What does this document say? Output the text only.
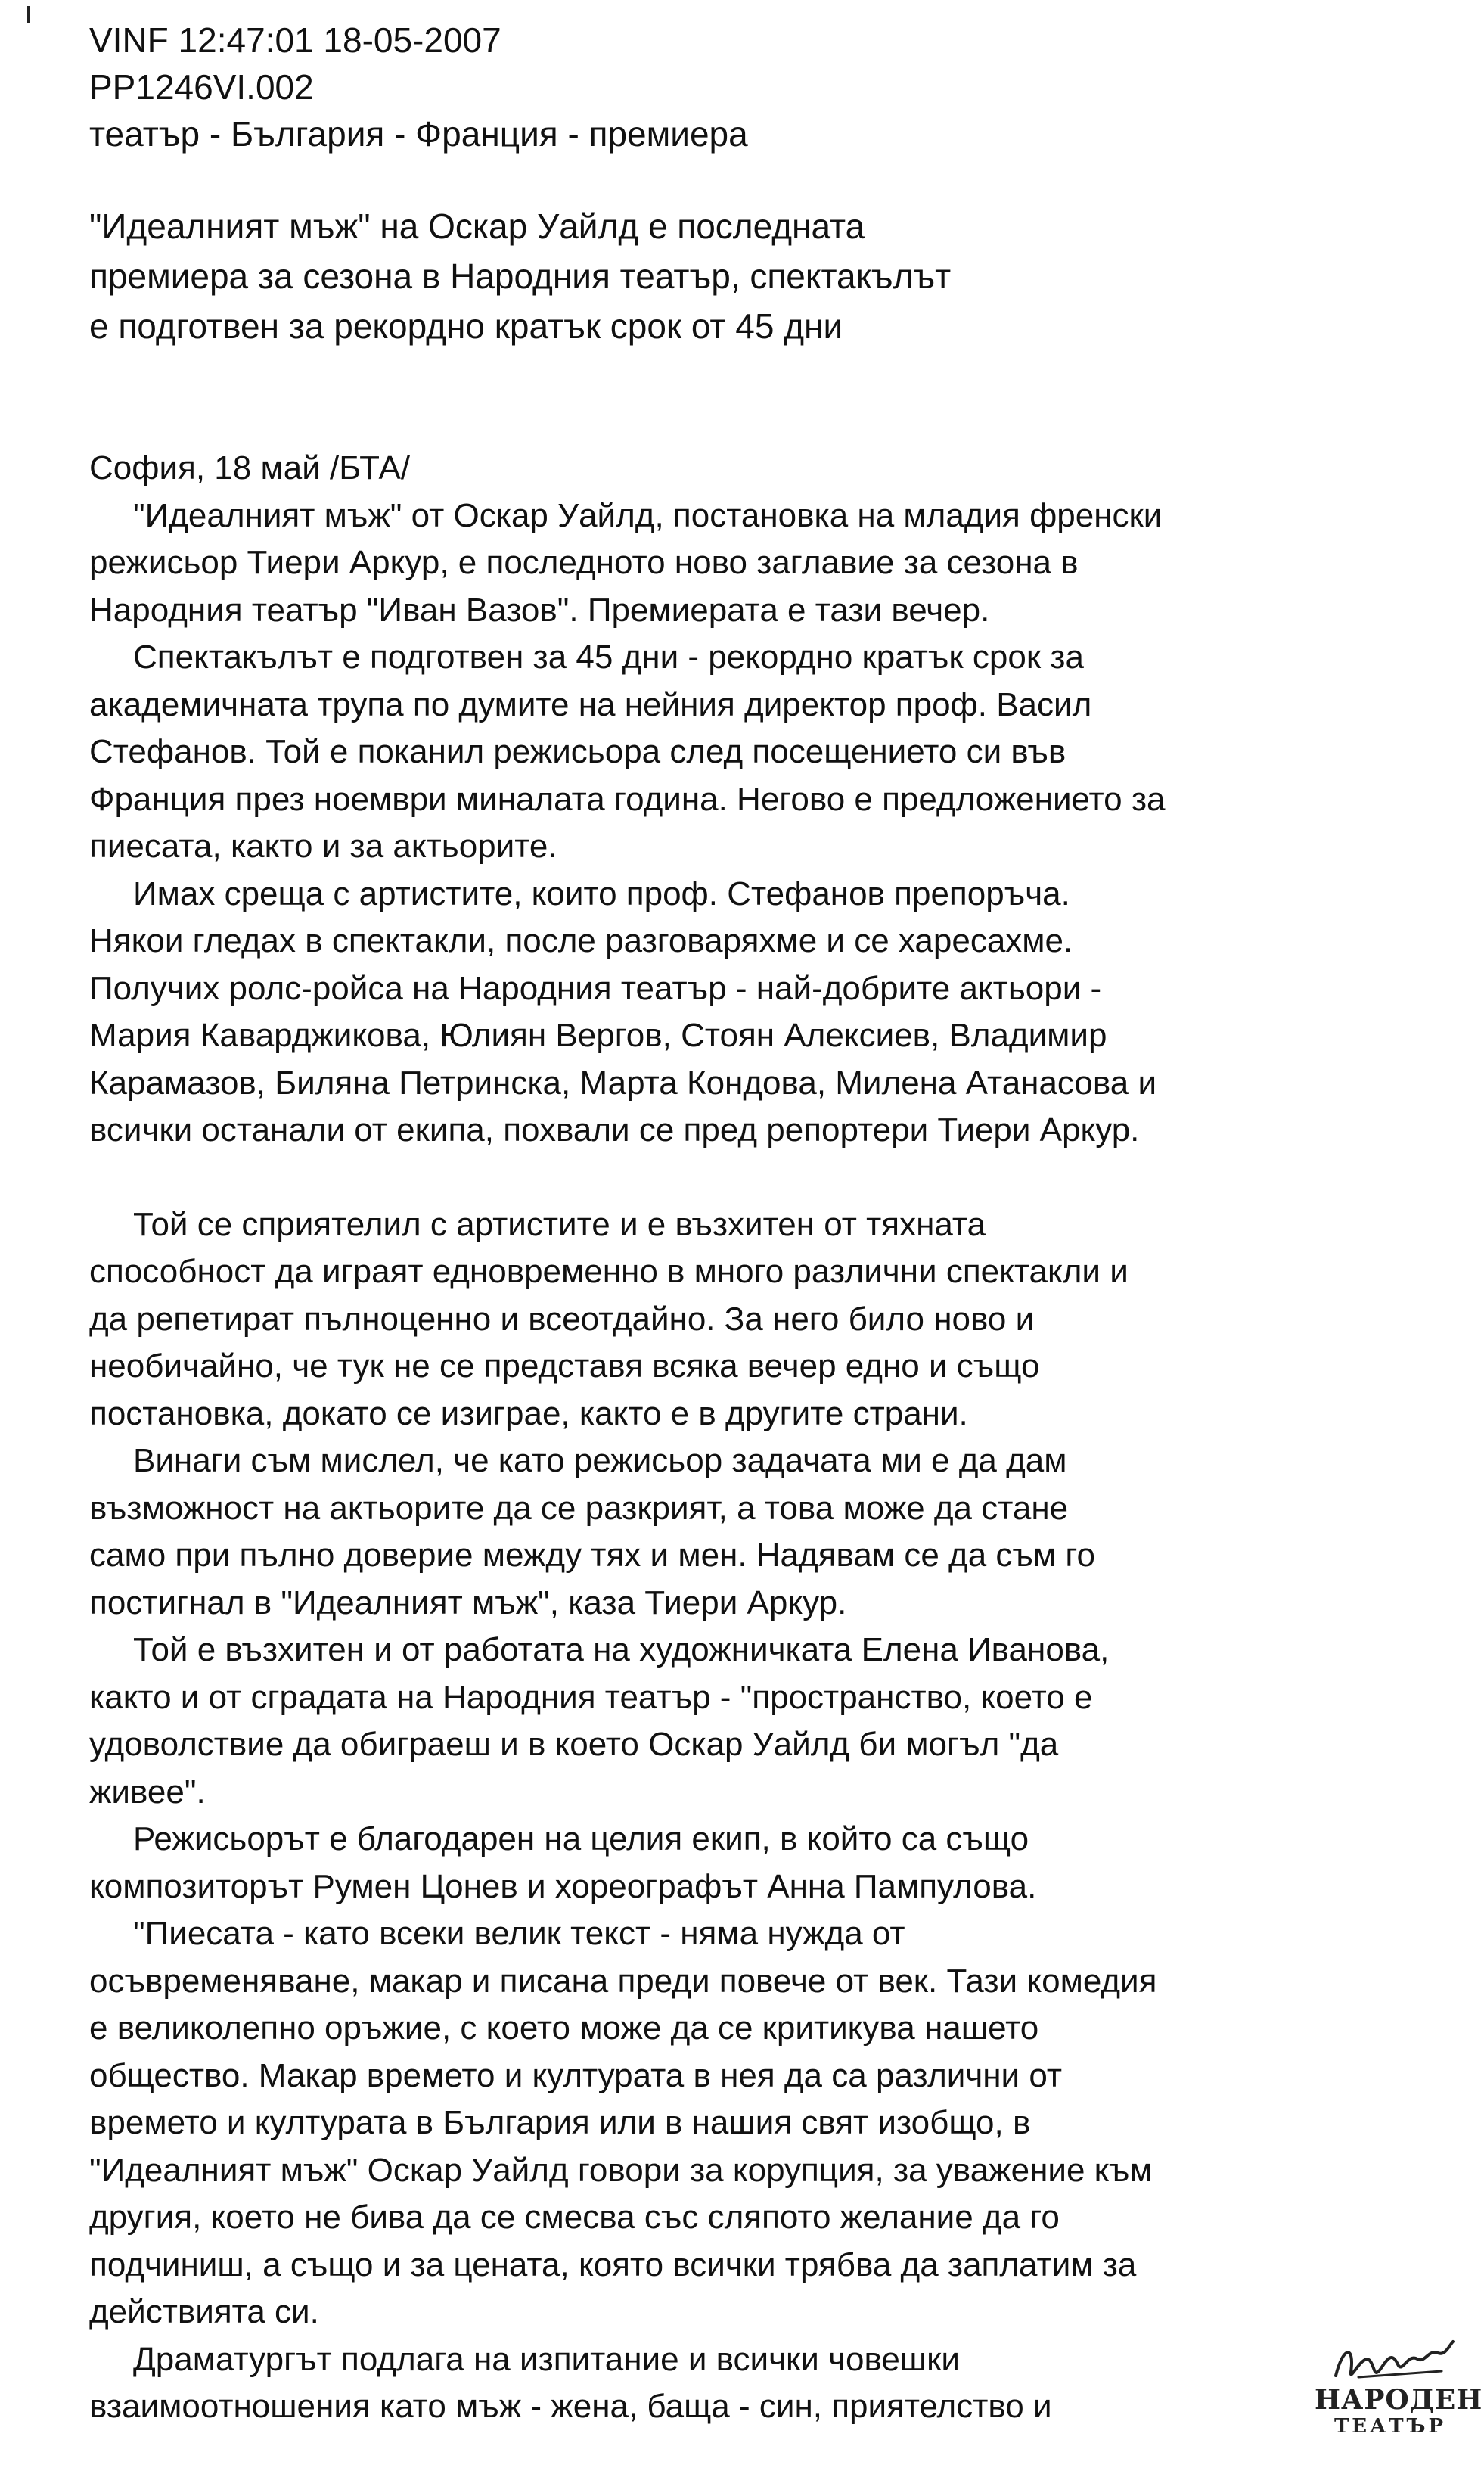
VINF 12:47:01 18-05-2007
PP1246VI.002
театър - България - Франция - премиера
"Идеалният мъж" на Оскар Уайлд е последната
премиера за сезона в Народния театър, спектакълът
е подготвен за рекордно кратък срок от 45 дни

София, 18 май /БТА/

"Идеалният мъж" от Оскар Уайлд, постановка на младия френски

режисьор Тиери Аркур, е последното ново заглавие за сезона в

Народния театър "Иван Вазов". Премиерата е тази вечер.

Спектакълът е подготвен за 45 дни - рекордно кратък срок за

академичната трупа по думите на нейния директор проф. Васил

Стефанов. Той е поканил режисьора след посещението си във

Франция през ноември миналата година. Негово е предложението за

пиесата, както и за актьорите.

Имах среща с артистите, които проф. Стефанов препоръча.

Някои гледах в спектакли, после разговаряхме и се харесахме.

Получих ролс-ройса на Народния театър - най-добрите актьори -

Мария Каварджикова, Юлиян Вергов, Стоян Алексиев, Владимир

Карамазов, Биляна Петринска, Марта Кондова, Милена Атанасова и

всички останали от екипа, похвали се пред репортери Тиери Аркур.

Той се сприятелил с артистите и е възхитен от тяхната

способност да играят едновременно в много различни спектакли и

да репетират пълноценно и всеотдайно. За него било ново и

необичайно, че тук не се представя всяка вечер едно и също

постановка, докато се изиграе, както е в другите страни.

Винаги съм мислел, че като режисьор задачата ми е да дам

възможност на актьорите да се разкрият, а това може да стане

само при пълно доверие между тях и мен. Надявам се да съм го

постигнал в "Идеалният мъж", каза Тиери Аркур.

Той е възхитен и от работата на художничката Елена Иванова,

както и от сградата на Народния театър - "пространство, което е

удоволствие да обиграеш и в което Оскар Уайлд би могъл "да

живее".

Режисьорът е благодарен на целия екип, в който са също

композиторът Румен Цонев и хореографът Анна Пампулова.

"Пиесата - като всеки велик текст - няма нужда от

осъвременяване, макар и писана преди повече от век. Тази комедия

е великолепно оръжие, с което може да се критикува нашето

общество. Макар времето и културата в нея да са различни от

времето и културата в България или в нашия свят изобщо, в

"Идеалният мъж" Оскар Уайлд говори за корупция, за уважение към

другия, което не бива да се смесва със сляпото желание да го

подчиниш, а също и за цената, която всички трябва да заплатим за

действията си.

Драматургът подлага на изпитание и всички човешки

взаимоотношения като мъж - жена, баща - син, приятелство и	НАРОДЕН
ТЕАТЪР
